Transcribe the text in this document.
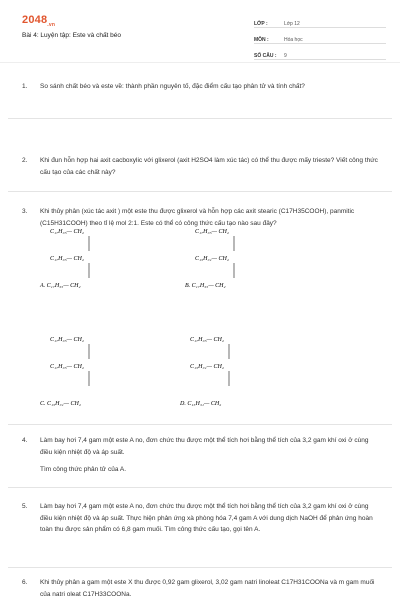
$2048_{.vn}$
Bài 4: Luyện tập: Este và chất béo
LỚP :	Lớp 12
MÔN :	Hóa học
SỐ CÂU :	9
1. So sánh chất béo và este về: thành phần nguyên tố, đặc điểm cấu tạo phân tử và tính chất?
2. Khi đun hỗn hợp hai axit cacboxylic với glixerol (axit H2SO4 làm xúc tác) có thể thu được mấy trieste? Viết công thức cấu tạo của các chất này?
3. Khi thủy phân (xúc tác axit ) một este thu được glixerol và hỗn hợp các axit stearic (C17H35COOH), panmitic (C15H31COOH) theo tỉ lệ mol 2:1. Este có thể có công thức cấu tạo nào sau đây?
C₁₇H₃₅— CH₂
C₁₇H₃₅— CH₂
A. C₁₇H₃₅— CH₂
C₁₇H₃₅— CH₂
C₁₅H₃₁— CH₂
B. C₁₇H₃₅— CH₂
C₁₇H₃₅— CH₂
C₁₇H₃₅— CH₂
C. C₁₅H₃₁— CH₂
C₁₇H₃₅— CH₂
C₁₅H₃₁— CH₂
D. C₁₅H₃₁— CH₂
4. Làm bay hơi 7,4 gam một este A no, đơn chức thu được một thể tích hơi bằng thể tích của 3,2 gam khí oxi ở cùng điều kiện nhiệt độ và áp suất.
Tìm công thức phân tử của A.
5. Làm bay hơi 7,4 gam một este A no, đơn chức thu được một thể tích hơi bằng thể tích của 3,2 gam khí oxi ở cùng điều kiện nhiệt độ và áp suất. Thực hiện phản ứng xà phòng hóa 7,4 gam A với dung dịch NaOH để phản ứng hoàn toàn thu được sản phẩm có 6,8 gam muối. Tìm công thức cấu tạo, gọi tên A.
6. Khi thủy phân a gam một este X thu được 0,92 gam glixerol, 3,02 gam natri linoleat C17H31COONa và m gam muối của natri oleat C17H33COONa.
